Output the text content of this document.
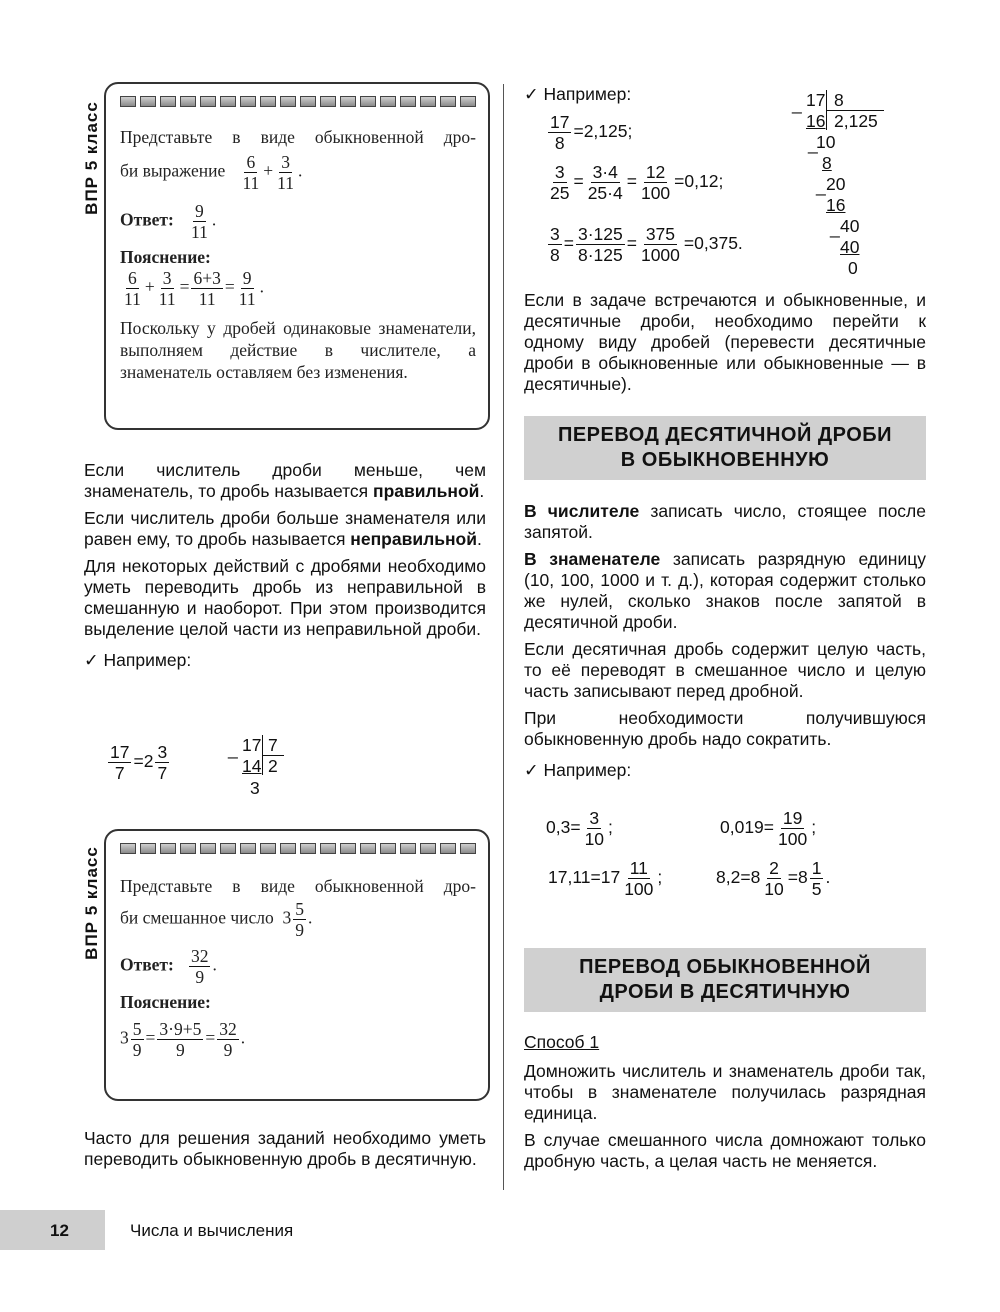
ВПР 5 класс Представьте в виде обыкновенной дро-

би выражение $\frac{6}{11} + \frac{3}{11}$ .

Ответ: $\frac{9}{11}$ .

Пояснение:

$\frac{6}{11} + \frac{3}{11} = \frac{6+3}{11} = \frac{9}{11}$ .

Поскольку у дробей одинаковые знаменатели, выполняем действие в числителе, а знаменатель оставляем без изменения.

Если числитель дроби меньше, чем знаменатель, то дробь называется правильной.

Если числитель дроби больше знаменателя или равен ему, то дробь называется неправильной.

Для некоторых действий с дробями необходимо уметь переводить дробь из неправильной в смешанную и наоборот. При этом производится выделение целой части из неправильной дроби.

✓ Например:

$\frac{17}{7} =2 \frac{3}{7}$	_ 17 7
14 2
3
ВПР 5 класс Представьте в виде обыкновенной дро-

би смешанное число $3 \frac{5}{9}$ .

Ответ: $\frac{32}{9}$ .

Пояснение:

$3 \frac{5}{9} = \frac{3\cdot 9+5}{9} = \frac{32}{9}$ .

Часто для решения заданий необходимо уметь переводить обыкновенную дробь в десятичную.

✓ Например:
$\frac{17}{8} =2,125$;
$\frac{3}{25} = \frac{3\cdot 4}{25\cdot 4} = \frac{12}{100} =0,12$;
$\frac{3}{8} = \frac{3\cdot 125}{8\cdot 125} = \frac{375}{1000} =0,375$.
_ 17 8
16 2,125
_
10
8
_ 20
16
_ 40
40
0

Если в задаче встречаются и обыкновенные, и десятичные дроби, необходимо перейти к одному виду дробей (перевести десятичные дроби в обыкновенные или обыкновенные — в десятичные).

ПЕРЕВОД ДЕСЯТИЧНОЙ ДРОБИ
В ОБЫКНОВЕННУЮ

В числителе записать число, стоящее после запятой.

В знаменателе записать разрядную единицу (10, 100, 1000 и т. д.), которая содержит столько же нулей, сколько знаков после запятой в десятичной дроби.

Если десятичная дробь содержит целую часть, то её переводят в смешанное число и целую часть записывают перед дробной.

При необходимости получившуюся обыкновенную дробь надо сократить.

✓ Например:

$0,3= \frac{3}{10}$ ;	$0,019= \frac{19}{100}$ ;
$17,11=17 \frac{11}{100}$ ;	$8,2=8 \frac{2}{10} =8 \frac{1}{5}$ .
ПЕРЕВОД ОБЫКНОВЕННОЙ
ДРОБИ В ДЕСЯТИЧНУЮ

Способ 1

Домножить числитель и знаменатель дроби так, чтобы в знаменателе получилась разрядная единица.

В случае смешанного числа домножают только дробную часть, а целая часть не меняется.

12	Числа и вычисления
